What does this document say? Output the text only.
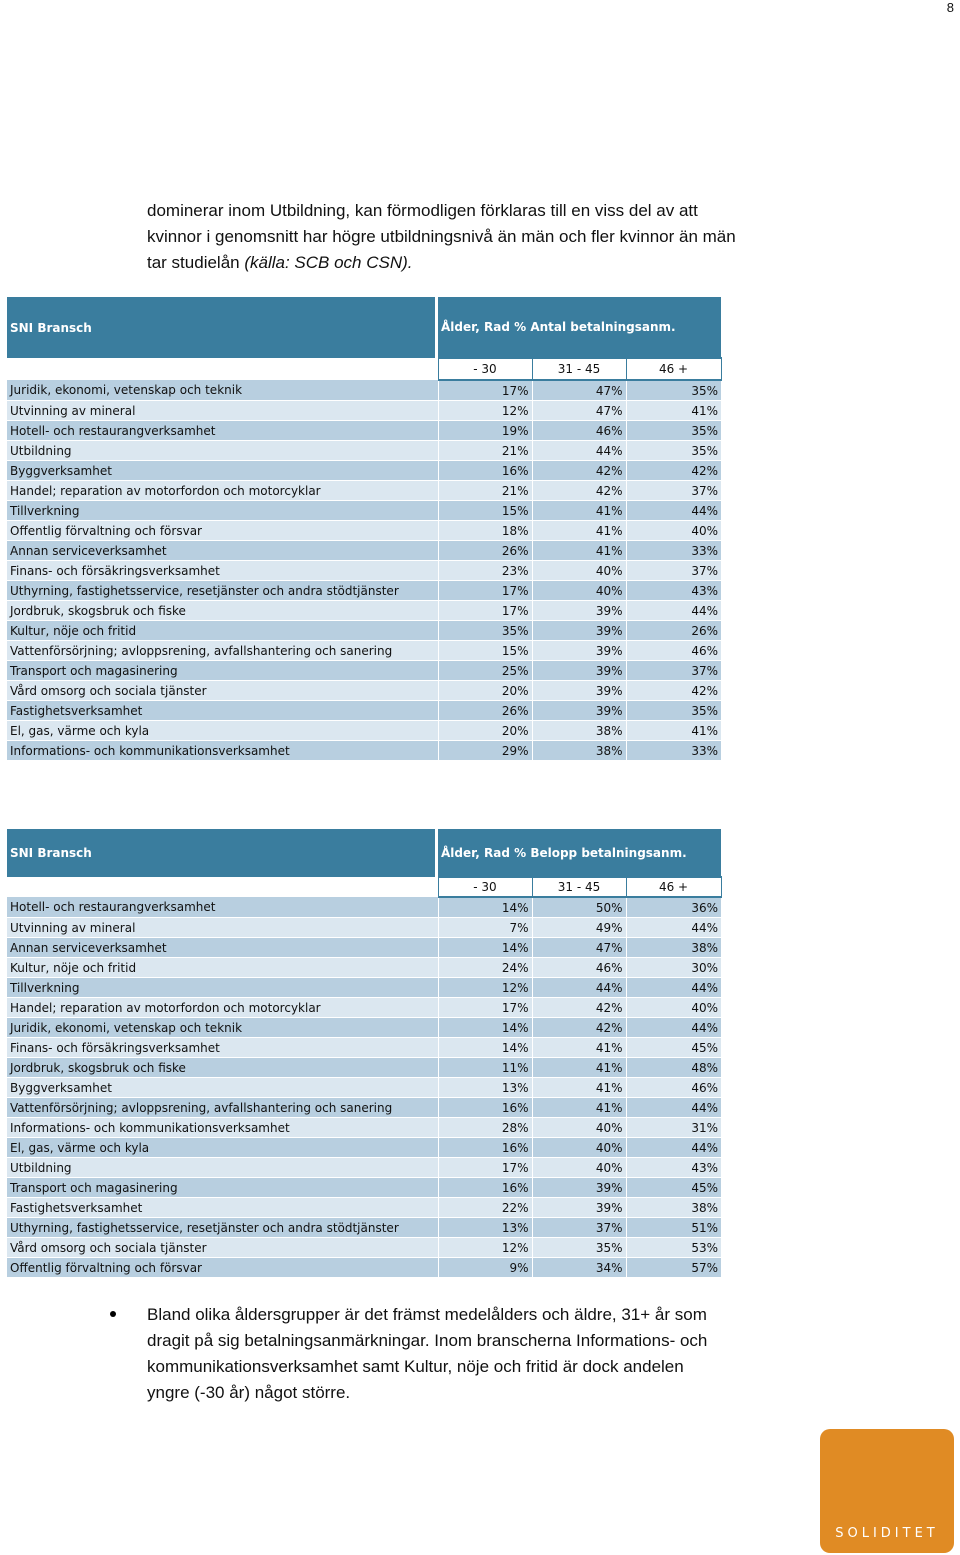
8

dominerar inom Utbildning, kan förmodligen förklaras till en viss del av att kvinnor i genomsnitt har högre utbildningsnivå än män och fler kvinnor än män tar studielån (källa: SCB och CSN).

SNI Bransch		Ålder, Rad % Antal betalningsanm.		
		- 30	31 - 45	46 +
Juridik, ekonomi, vetenskap och teknik		17%	47%	35%
Utvinning av mineral		12%	47%	41%
Hotell- och restaurangverksamhet		19%	46%	35%
Utbildning		21%	44%	35%
Byggverksamhet		16%	42%	42%
Handel; reparation av motorfordon och motorcyklar		21%	42%	37%
Tillverkning		15%	41%	44%
Offentlig förvaltning och försvar		18%	41%	40%
Annan serviceverksamhet		26%	41%	33%
Finans- och försäkringsverksamhet		23%	40%	37%
Uthyrning, fastighetsservice, resetjänster och andra stödtjänster		17%	40%	43%
Jordbruk, skogsbruk och fiske		17%	39%	44%
Kultur, nöje och fritid		35%	39%	26%
Vattenförsörjning; avloppsrening, avfallshantering och sanering		15%	39%	46%
Transport och magasinering		25%	39%	37%
Vård omsorg och sociala tjänster		20%	39%	42%
Fastighetsverksamhet		26%	39%	35%
El, gas, värme och kyla		20%	38%	41%
Informations- och kommunikationsverksamhet		29%	38%	33%
SNI Bransch		Ålder, Rad % Belopp betalningsanm.		
		- 30	31 - 45	46 +
Hotell- och restaurangverksamhet		14%	50%	36%
Utvinning av mineral		7%	49%	44%
Annan serviceverksamhet		14%	47%	38%
Kultur, nöje och fritid		24%	46%	30%
Tillverkning		12%	44%	44%
Handel; reparation av motorfordon och motorcyklar		17%	42%	40%
Juridik, ekonomi, vetenskap och teknik		14%	42%	44%
Finans- och försäkringsverksamhet		14%	41%	45%
Jordbruk, skogsbruk och fiske		11%	41%	48%
Byggverksamhet		13%	41%	46%
Vattenförsörjning; avloppsrening, avfallshantering och sanering		16%	41%	44%
Informations- och kommunikationsverksamhet		28%	40%	31%
El, gas, värme och kyla		16%	40%	44%
Utbildning		17%	40%	43%
Transport och magasinering		16%	39%	45%
Fastighetsverksamhet		22%	39%	38%
Uthyrning, fastighetsservice, resetjänster och andra stödtjänster		13%	37%	51%
Vård omsorg och sociala tjänster		12%	35%	53%
Offentlig förvaltning och försvar		9%	34%	57%
Bland olika åldersgrupper är det främst medelålders och äldre, 31+ år som dragit på sig betalningsanmärkningar. Inom branscherna Informations- och kommunikationsverksamhet samt Kultur, nöje och fritid är dock andelen yngre (-30 år) något större.
SOLIDITET
